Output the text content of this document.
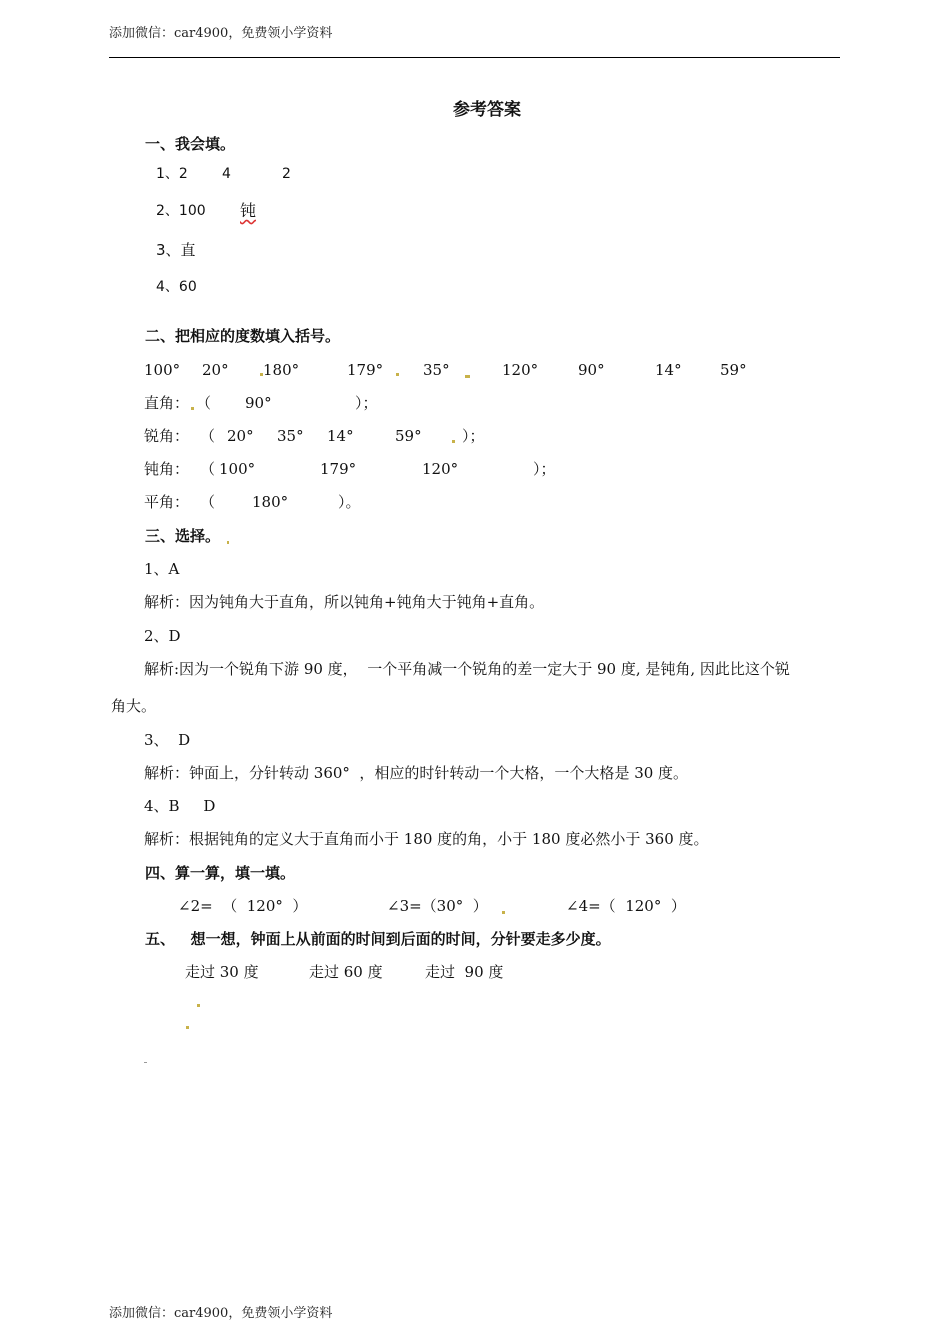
添加微信：car4900，免费领小学资料
参考答案
一、我会填。
1、2 4	2
2、100 钝
3、直
4、60
二、把相应的度数填入括号。
100° 20° 180°	179°	35°	120°	90°	14°	59°
直角： （ 90°	）；
锐角： （ 20° 35° 14°	59°	）；
钝角： （ 100°	179°	120°	）；
平角： （ 180°	）。
三、选择。
1、A
解析：因为钝角大于直角，所以钝角+钝角大于钝角+直角。
2、D
解析:因为一个锐角下游 90 度，  一个平角减一个锐角的差一定大于 90 度, 是钝角, 因此比这个锐
角大。
3、  D
解析：钟面上，分针转动 360°  ，相应的时针转动一个大格，一个大格是 30 度。
4、B     D
解析：根据钝角的定义大于直角而小于 180 度的角，小于 180 度必然小于 360 度。
四、算一算，填一填。
∠2=  （  120°  ）	∠3=（30°  ）	∠4=（  120°  ）
五、   想一想，钟面上从前面的时间到后面的时间，分针要走多少度。
走过 30 度	走过 60 度	走过  90 度
添加微信：car4900，免费领小学资料
